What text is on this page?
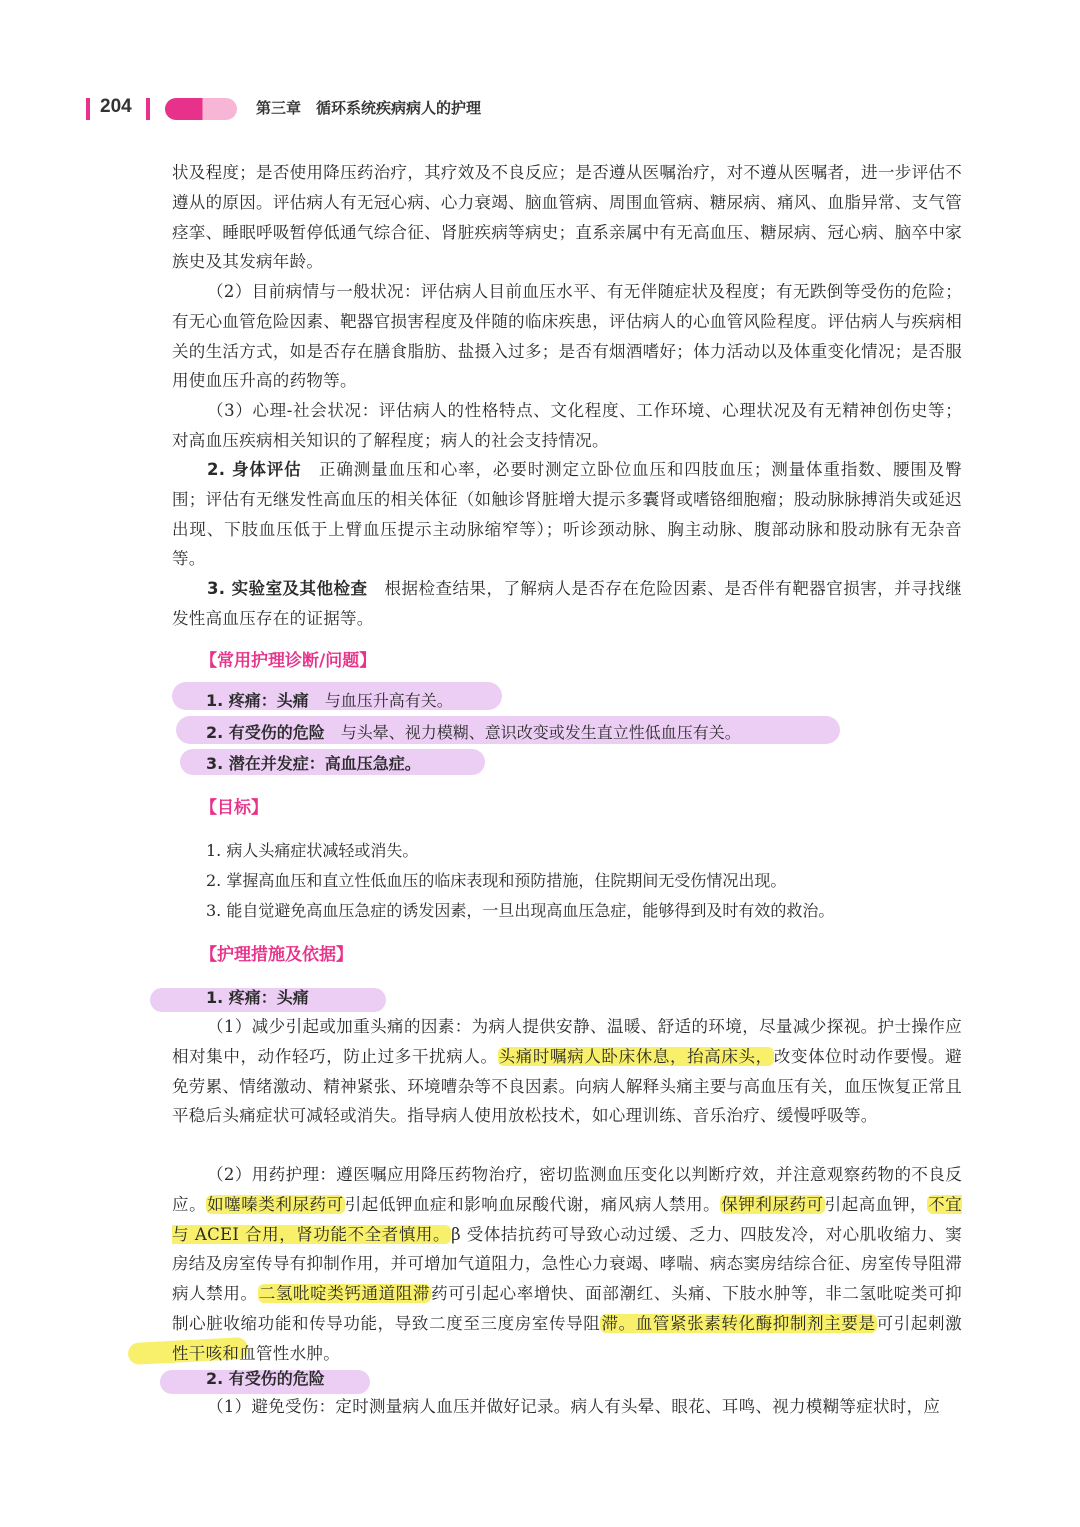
204	第三章　循环系统疾病病人的护理
状及程度；是否使用降压药治疗，其疗效及不良反应；是否遵从医嘱治疗，对不遵从医嘱者，进一步评估不遵从的原因。评估病人有无冠心病、心力衰竭、脑血管病、周围血管病、糖尿病、痛风、血脂异常、支气管痉挛、睡眠呼吸暂停低通气综合征、肾脏疾病等病史；直系亲属中有无高血压、糖尿病、冠心病、脑卒中家族史及其发病年龄。
（2）目前病情与一般状况：评估病人目前血压水平、有无伴随症状及程度；有无跌倒等受伤的危险；有无心血管危险因素、靶器官损害程度及伴随的临床疾患，评估病人的心血管风险程度。评估病人与疾病相关的生活方式，如是否存在膳食脂肪、盐摄入过多；是否有烟酒嗜好；体力活动以及体重变化情况；是否服用使血压升高的药物等。
（3）心理-社会状况：评估病人的性格特点、文化程度、工作环境、心理状况及有无精神创伤史等；对高血压疾病相关知识的了解程度；病人的社会支持情况。
2. 身体评估　正确测量血压和心率，必要时测定立卧位血压和四肢血压；测量体重指数、腰围及臀围；评估有无继发性高血压的相关体征（如触诊肾脏增大提示多囊肾或嗜铬细胞瘤；股动脉脉搏消失或延迟出现、下肢血压低于上臂血压提示主动脉缩窄等）；听诊颈动脉、胸主动脉、腹部动脉和股动脉有无杂音等。
3. 实验室及其他检查　根据检查结果，了解病人是否存在危险因素、是否伴有靶器官损害，并寻找继发性高血压存在的证据等。
【常用护理诊断/问题】
1. 疼痛：头痛　与血压升高有关。
2. 有受伤的危险　与头晕、视力模糊、意识改变或发生直立性低血压有关。
3. 潜在并发症：高血压急症。
【目标】
1. 病人头痛症状减轻或消失。
2. 掌握高血压和直立性低血压的临床表现和预防措施，住院期间无受伤情况出现。
3. 能自觉避免高血压急症的诱发因素，一旦出现高血压急症，能够得到及时有效的救治。
【护理措施及依据】
1. 疼痛：头痛
（1）减少引起或加重头痛的因素：为病人提供安静、温暖、舒适的环境，尽量减少探视。护士操作应相对集中，动作轻巧，防止过多干扰病人。头痛时嘱病人卧床休息，抬高床头，改变体位时动作要慢。避免劳累、情绪激动、精神紧张、环境嘈杂等不良因素。向病人解释头痛主要与高血压有关，血压恢复正常且平稳后头痛症状可减轻或消失。指导病人使用放松技术，如心理训练、音乐治疗、缓慢呼吸等。
（2）用药护理：遵医嘱应用降压药物治疗，密切监测血压变化以判断疗效，并注意观察药物的不良反应。如噻嗪类利尿药可引起低钾血症和影响血尿酸代谢，痛风病人禁用。保钾利尿药可引起高血钾，不宜与 ACEI 合用，肾功能不全者慎用。β 受体拮抗药可导致心动过缓、乏力、四肢发冷，对心肌收缩力、窦房结及房室传导有抑制作用，并可增加气道阻力，急性心力衰竭、哮喘、病态窦房结综合征、房室传导阻滞病人禁用。二氢吡啶类钙通道阻滞药可引起心率增快、面部潮红、头痛、下肢水肿等，非二氢吡啶类可抑制心脏收缩功能和传导功能，导致二度至三度房室传导阻滞。血管紧张素转化酶抑制剂主要是可引起刺激性干咳和血管性水肿。
2. 有受伤的危险
（1）避免受伤：定时测量病人血压并做好记录。病人有头晕、眼花、耳鸣、视力模糊等症状时，应
